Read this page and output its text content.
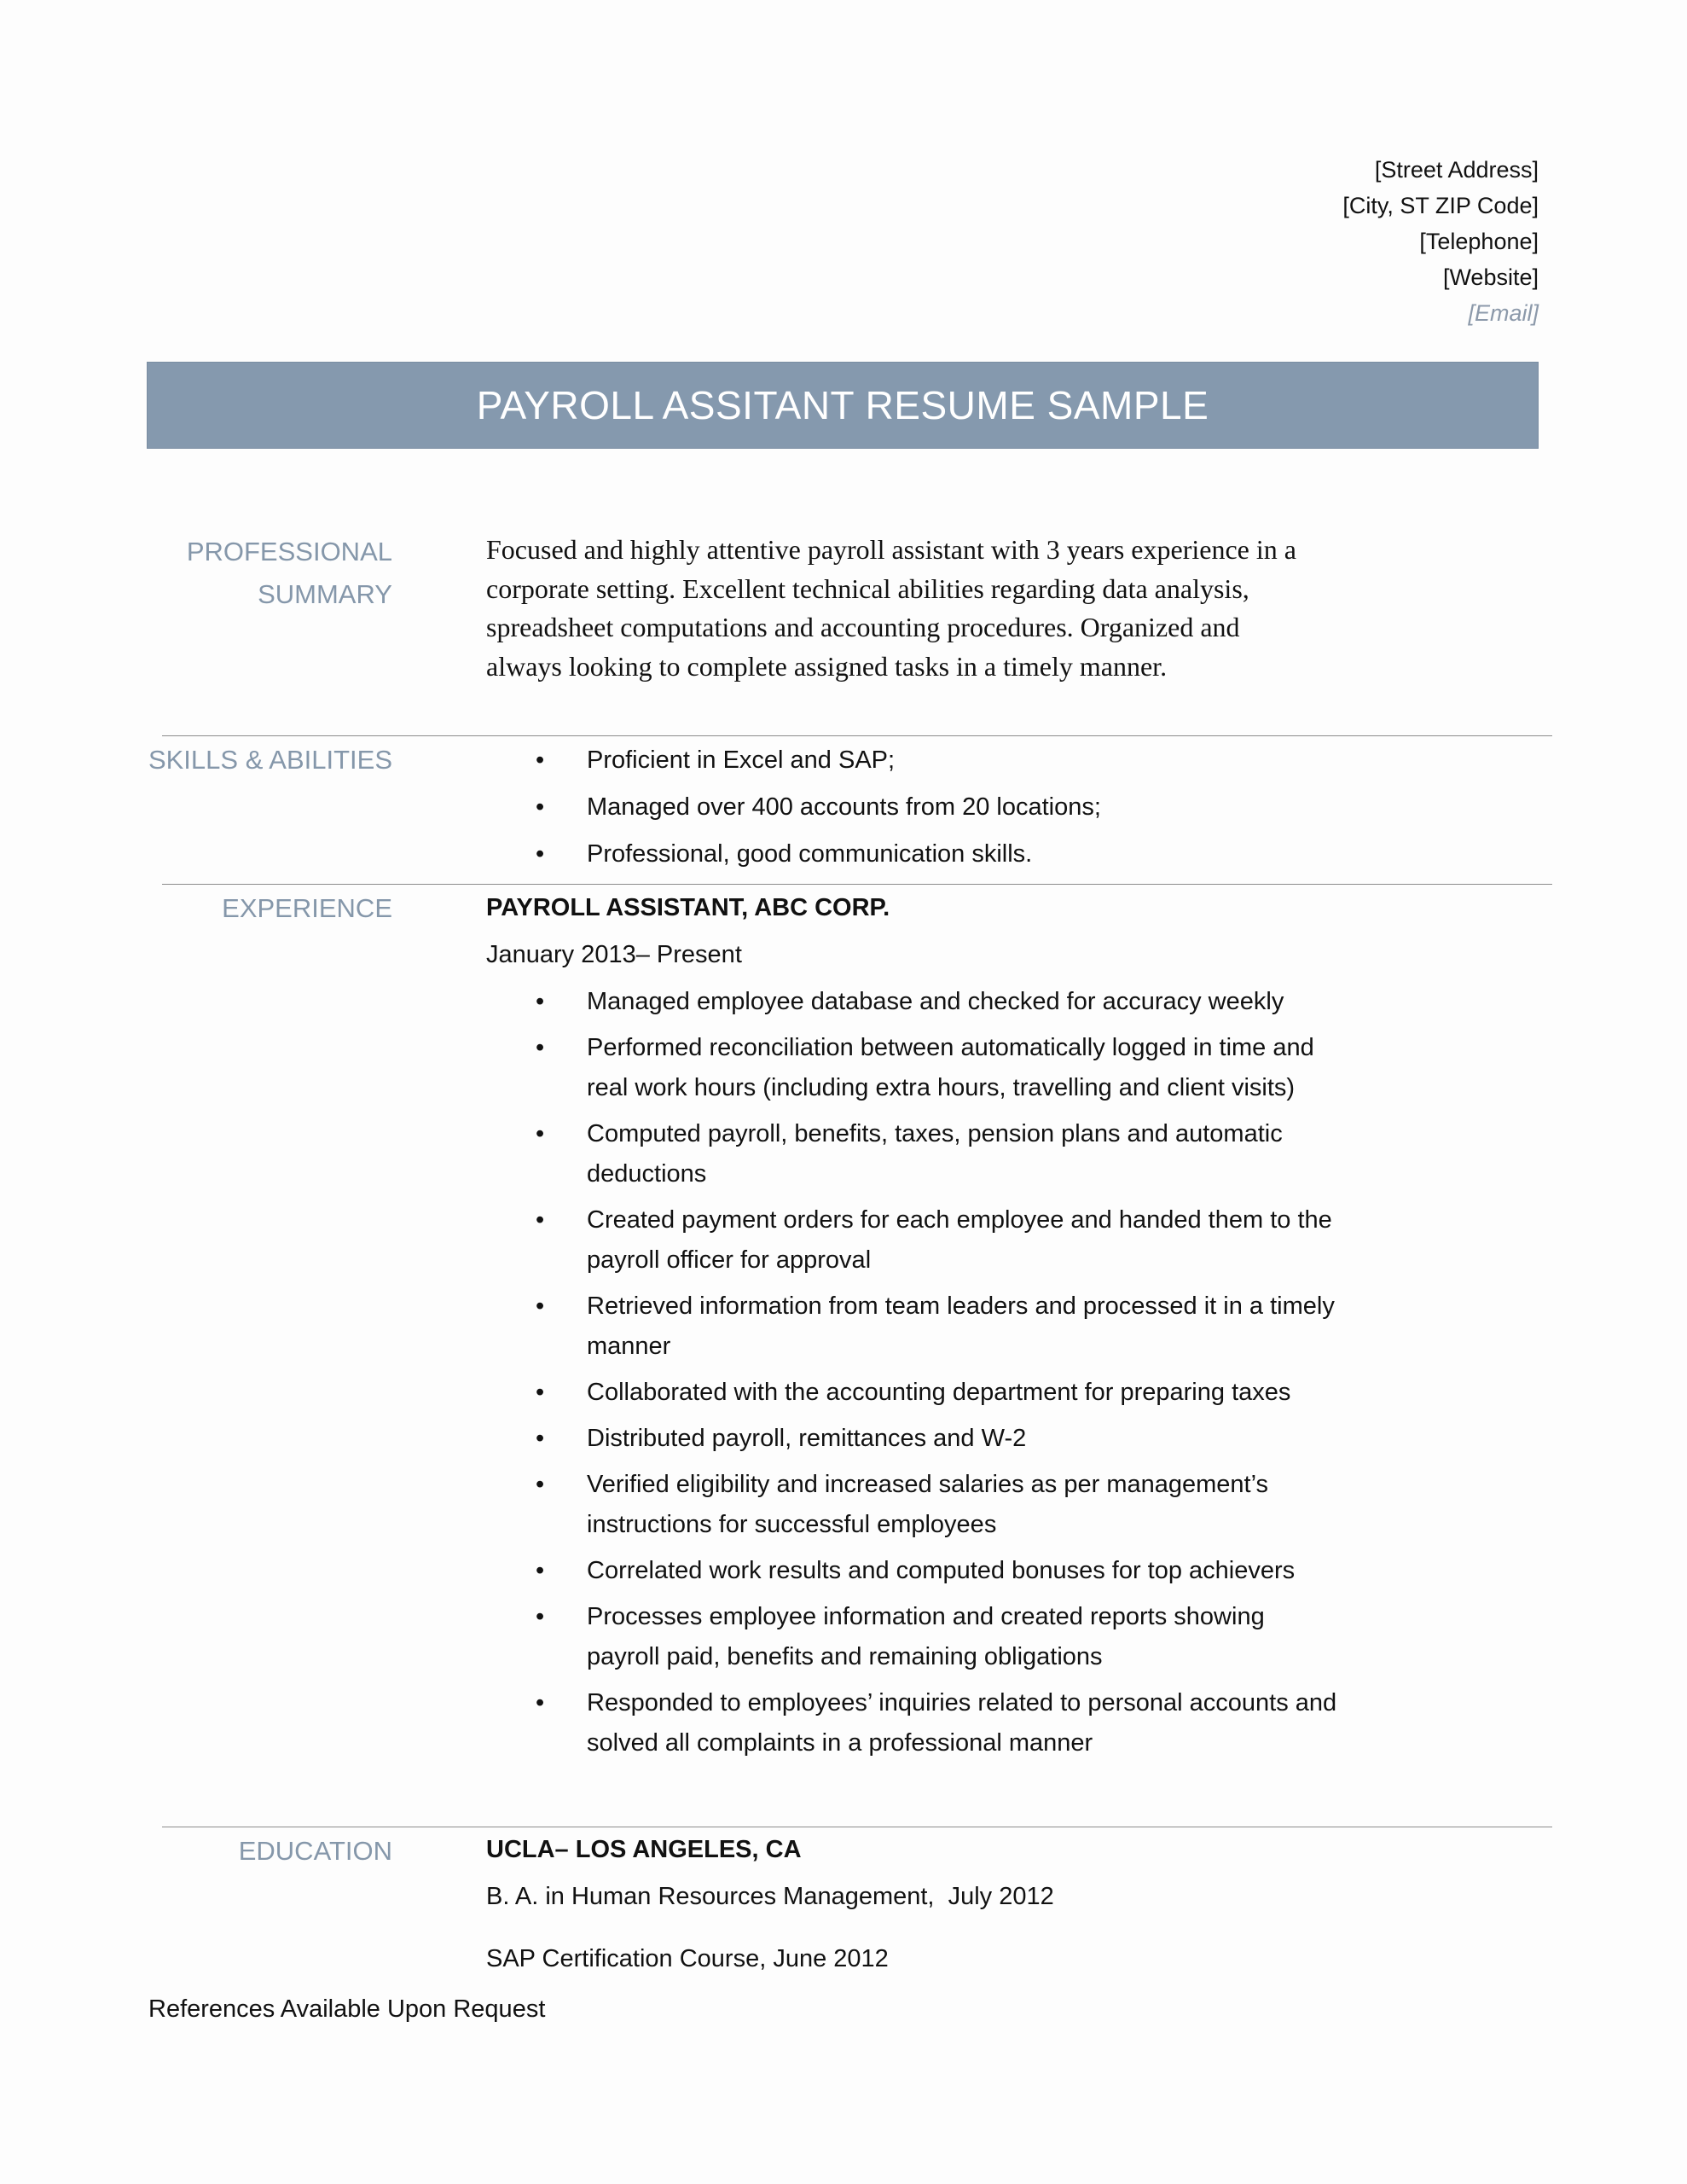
[Street Address]
[City, ST ZIP Code]
[Telephone]
[Website]
[Email]
PAYROLL ASSITANT RESUME SAMPLE
PROFESSIONAL
SUMMARY
Focused and highly attentive payroll assistant with 3 years experience in a corporate setting. Excellent technical abilities regarding data analysis, spreadsheet computations and accounting procedures. Organized and always looking to complete assigned tasks in a timely manner.
SKILLS & ABILITIES	• Proficient in Excel and SAP;
• Managed over 400 accounts from 20 locations;
• Professional, good communication skills.
EXPERIENCE	PAYROLL ASSISTANT, ABC CORP.
January 2013– Present
• Managed employee database and checked for accuracy weekly
• Performed reconciliation between automatically logged in time and real work hours (including extra hours, travelling and client visits)
• Computed payroll, benefits, taxes, pension plans and automatic deductions
• Created payment orders for each employee and handed them to the payroll officer for approval
• Retrieved information from team leaders and processed it in a timely manner
• Collaborated with the accounting department for preparing taxes
• Distributed payroll, remittances and W-2
• Verified eligibility and increased salaries as per management’s instructions for successful employees
• Correlated work results and computed bonuses for top achievers
• Processes employee information and created reports showing payroll paid, benefits and remaining obligations
• Responded to employees’ inquiries related to personal accounts and solved all complaints in a professional manner
EDUCATION	UCLA– LOS ANGELES, CA
B. A. in Human Resources Management,  July 2012
SAP Certification Course, June 2012
References Available Upon Request
